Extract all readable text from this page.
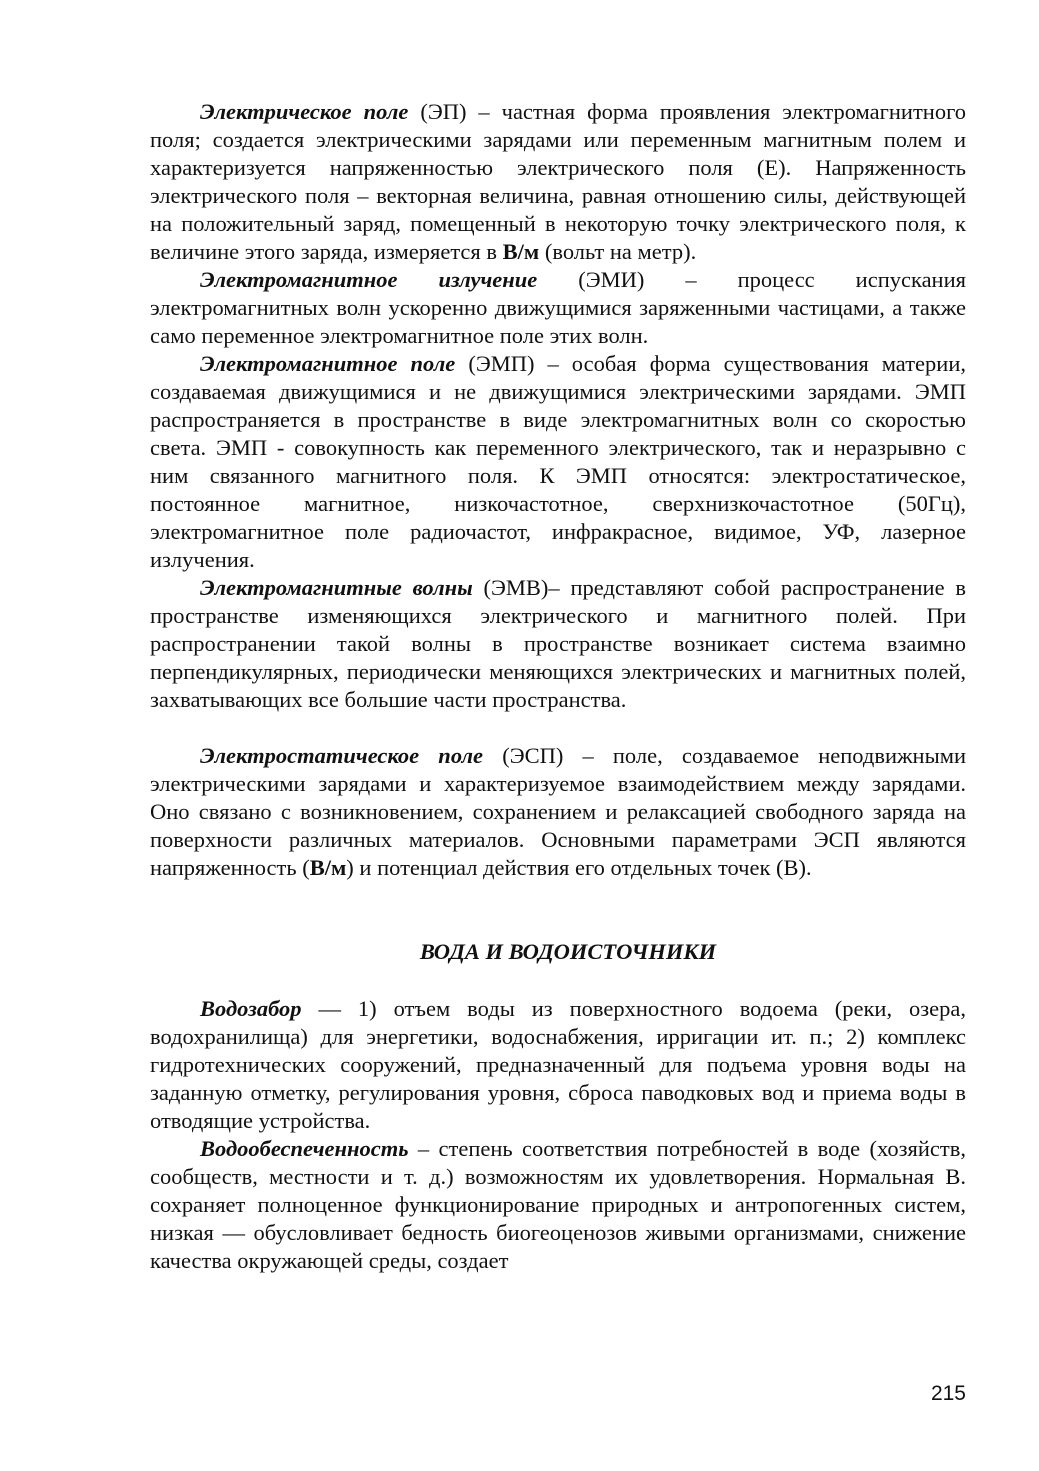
Электрическое поле (ЭП) – частная форма проявления электромагнитного поля; создается электрическими зарядами или переменным магнитным полем и характеризуется напряженностью электрического поля (Е). Напряженность электрического поля – векторная величина, равная отношению силы, действующей на положительный заряд, помещенный в некоторую точку электрического поля, к величине этого заряда, измеряется в В/м (вольт на метр).

Электромагнитное излучение (ЭМИ) – процесс испускания электромагнитных волн ускоренно движущимися заряженными частицами, а также само переменное электромагнитное поле этих волн.

Электромагнитное поле (ЭМП) – особая форма существования материи, создаваемая движущимися и не движущимися электрическими зарядами. ЭМП распространяется в пространстве в виде электромагнитных волн со скоростью света. ЭМП - совокупность как переменного электрического, так и неразрывно с ним связанного магнитного поля. К ЭМП относятся: электростатическое, постоянное магнитное, низкочастотное, сверхнизкочастотное (50Гц), электромагнитное поле радиочастот, инфракрасное, видимое, УФ, лазерное излучения.

Электромагнитные волны (ЭМВ)– представляют собой распространение в пространстве изменяющихся электрического и магнитного полей. При распространении такой волны в пространстве возникает система взаимно перпендикулярных, периодически меняющихся электрических и магнитных полей, захватывающих все большие части пространства.

Электростатическое поле (ЭСП) – поле, создаваемое неподвижными электрическими зарядами и характеризуемое взаимодействием между зарядами. Оно связано с возникновением, сохранением и релаксацией свободного заряда на поверхности различных материалов. Основными параметрами ЭСП являются напряженность (В/м) и потенциал действия его отдельных точек (В).

ВОДА И ВОДОИСТОЧНИКИ

Водозабор — 1) отъем воды из поверхностного водоема (реки, озера, водохранилища) для энергетики, водоснабжения, ирригации ит. п.; 2) комплекс гидротехнических сооружений, предназначенный для подъема уровня воды на заданную отметку, регулирования уровня, сброса паводковых вод и приема воды в отводящие устройства.

Водообеспеченность – степень соответствия потребностей в воде (хозяйств, сообществ, местности и т. д.) возможностям их удовлетворения. Нормальная В. сохраняет полноценное функционирование природных и антропогенных систем, низкая — обусловливает бедность биогеоценозов живыми организмами, снижение качества окружающей среды, создает

215
